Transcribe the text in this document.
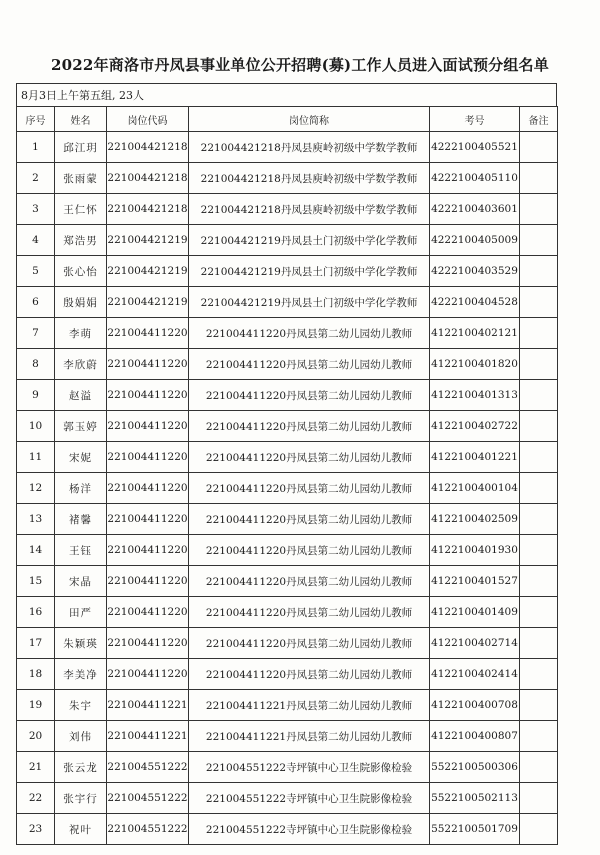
2022年商洛市丹凤县事业单位公开招聘(募)工作人员进入面试预分组名单
8月3日上午第五组, 23人
序号	姓名	岗位代码	岗位简称	考号	备注
1	邱江玥	221004421218	221004421218丹凤县庾岭初级中学数学教师	4222100405521	
2	张雨蒙	221004421218	221004421218丹凤县庾岭初级中学数学教师	4222100405110	
3	王仁怀	221004421218	221004421218丹凤县庾岭初级中学数学教师	4222100403601	
4	郑浩男	221004421219	221004421219丹凤县土门初级中学化学教师	4222100405009	
5	张心怡	221004421219	221004421219丹凤县土门初级中学化学教师	4222100403529	
6	殷娟娟	221004421219	221004421219丹凤县土门初级中学化学教师	4222100404528	
7	李萌	221004411220	221004411220丹凤县第二幼儿园幼儿教师	4122100402121	
8	李欣蔚	221004411220	221004411220丹凤县第二幼儿园幼儿教师	4122100401820	
9	赵溢	221004411220	221004411220丹凤县第二幼儿园幼儿教师	4122100401313	
10	郭玉婷	221004411220	221004411220丹凤县第二幼儿园幼儿教师	4122100402722	
11	宋妮	221004411220	221004411220丹凤县第二幼儿园幼儿教师	4122100401221	
12	杨洋	221004411220	221004411220丹凤县第二幼儿园幼儿教师	4122100400104	
13	褚馨	221004411220	221004411220丹凤县第二幼儿园幼儿教师	4122100402509	
14	王钰	221004411220	221004411220丹凤县第二幼儿园幼儿教师	4122100401930	
15	宋晶	221004411220	221004411220丹凤县第二幼儿园幼儿教师	4122100401527	
16	田严	221004411220	221004411220丹凤县第二幼儿园幼儿教师	4122100401409	
17	朱颖瑛	221004411220	221004411220丹凤县第二幼儿园幼儿教师	4122100402714	
18	李美净	221004411220	221004411220丹凤县第二幼儿园幼儿教师	4122100402414	
19	朱宇	221004411221	221004411221丹凤县第二幼儿园幼儿教师	4122100400708	
20	刘伟	221004411221	221004411221丹凤县第二幼儿园幼儿教师	4122100400807	
21	张云龙	221004551222	221004551222寺坪镇中心卫生院影像检验	5522100500306	
22	张宇行	221004551222	221004551222寺坪镇中心卫生院影像检验	5522100502113	
23	祝叶	221004551222	221004551222寺坪镇中心卫生院影像检验	5522100501709	
